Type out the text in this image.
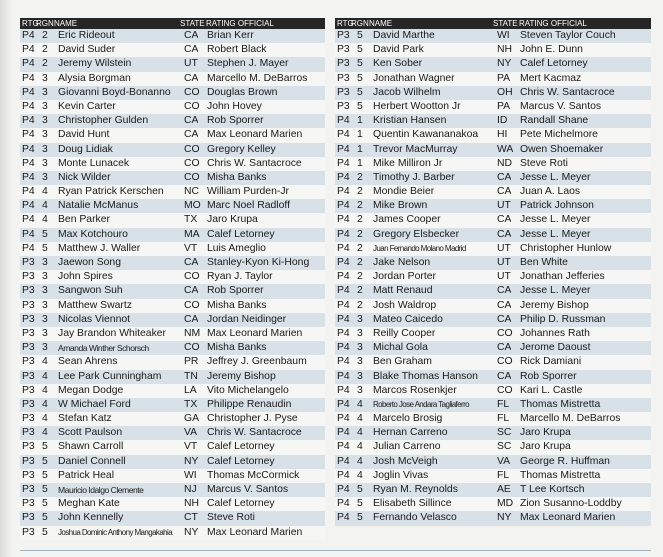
RTG
RGN NAME	STATE RATING OFFICIAL
P4 2 Eric Rideout	CA Brian Kerr
P4 2 David Suder	CA Robert Black
P4 2 Jeremy Wilstein	UT Stephen J. Mayer
P4 3 Alysia Borgman	CA Marcello M. DeBarros
P4 3 Giovanni Boyd-Bonanno	CO Douglas Brown
P4 3 Kevin Carter	CO John Hovey
P4 3 Christopher Gulden	CA Rob Sporrer
P4 3 David Hunt	CA Max Leonard Marien
P4 3 Doug Lidiak	CO Gregory Kelley
P4 3 Monte Lunacek	CO Chris W. Santacroce
P4 3 Nick Wilder	CO Misha Banks
P4 4 Ryan Patrick Kerschen	NC William Purden-Jr
P4 4 Natalie McManus	MO Marc Noel Radloff
P4 4 Ben Parker	TX Jaro Krupa
P4 5 Max Kotchouro	MA Calef Letorney
P4 5 Matthew J. Waller	VT Luis Ameglio
P3 3 Jaewon Song	CA Stanley-Kyon Ki-Hong
P3 3 John Spires	CO Ryan J. Taylor
P3 3 Sangwon Suh	CA Rob Sporrer
P3 3 Matthew Swartz	CO Misha Banks
P3 3 Nicolas Viennot	CA Jordan Neidinger
P3 3 Jay Brandon Whiteaker	NM Max Leonard Marien
P3 3 Amanda Winther Schorsch	CO Misha Banks
P3 4 Sean Ahrens	PR Jeffrey J. Greenbaum
P3 4 Lee Park Cunningham	TN Jeremy Bishop
P3 4 Megan Dodge	LA Vito Michelangelo
P3 4 W Michael Ford	TX Philippe Renaudin
P3 4 Stefan Katz	GA Christopher J. Pyse
P3 4 Scott Paulson	VA Chris W. Santacroce
P3 5 Shawn Carroll	VT Calef Letorney
P3 5 Daniel Connell	NY Calef Letorney
P3 5 Patrick Heal	WI Thomas McCormick
P3 5 Mauricio Idalgo Clemente	NJ Marcus V. Santos
P3 5 Meghan Kate	NH Calef Letorney
P3 5 John Kennelly	CT Steve Roti
P3 5 Joshua Dominic Anthony Mangakahia	NY Max Leonard Marien
RTG
RGN NAME	STATE RATING OFFICIAL
P3 5 David Marthe	WI Steven Taylor Couch
P3 5 David Park	NH John E. Dunn
P3 5 Ken Sober	NY Calef Letorney
P3 5 Jonathan Wagner	PA Mert Kacmaz
P3 5 Jacob Wilhelm	OH Chris W. Santacroce
P3 5 Herbert Wootton Jr	PA Marcus V. Santos
P4 1 Kristian Hansen	ID Randall Shane
P4 1 Quentin Kawananakoa	HI Pete Michelmore
P4 1 Trevor MacMurray	WA Owen Shoemaker
P4 1 Mike Milliron Jr	ND Steve Roti
P4 2 Timothy J. Barber	CA Jesse L. Meyer
P4 2 Mondie Beier	CA Juan A. Laos
P4 2 Mike Brown	UT Patrick Johnson
P4 2 James Cooper	CA Jesse L. Meyer
P4 2 Gregory Elsbecker	CA Jesse L. Meyer
P4 2 Juan Fernando Molano Madrid	UT Christopher Hunlow
P4 2 Jake Nelson	UT Ben White
P4 2 Jordan Porter	UT Jonathan Jefferies
P4 2 Matt Renaud	CA Jesse L. Meyer
P4 2 Josh Waldrop	CA Jeremy Bishop
P4 3 Mateo Caicedo	CA Philip D. Russman
P4 3 Reilly Cooper	CO Johannes Rath
P4 3 Michal Gola	CA Jerome Daoust
P4 3 Ben Graham	CO Rick Damiani
P4 3 Blake Thomas Hanson	CA Rob Sporrer
P4 3 Marcos Rosenkjer	CO Kari L. Castle
P4 4 Roberto Jose Andara Tagliaferro	FL Thomas Mistretta
P4 4 Marcelo Brosig	FL Marcello M. DeBarros
P4 4 Hernan Carreno	SC Jaro Krupa
P4 4 Julian Carreno	SC Jaro Krupa
P4 4 Josh McVeigh	VA George R. Huffman
P4 4 Joglin Vivas	FL Thomas Mistretta
P4 5 Ryan M. Reynolds	AE T Lee Kortsch
P4 5 Elisabeth Sillince	MD Zion Susanno-Loddby
P4 5 Fernando Velasco	NY Max Leonard Marien
